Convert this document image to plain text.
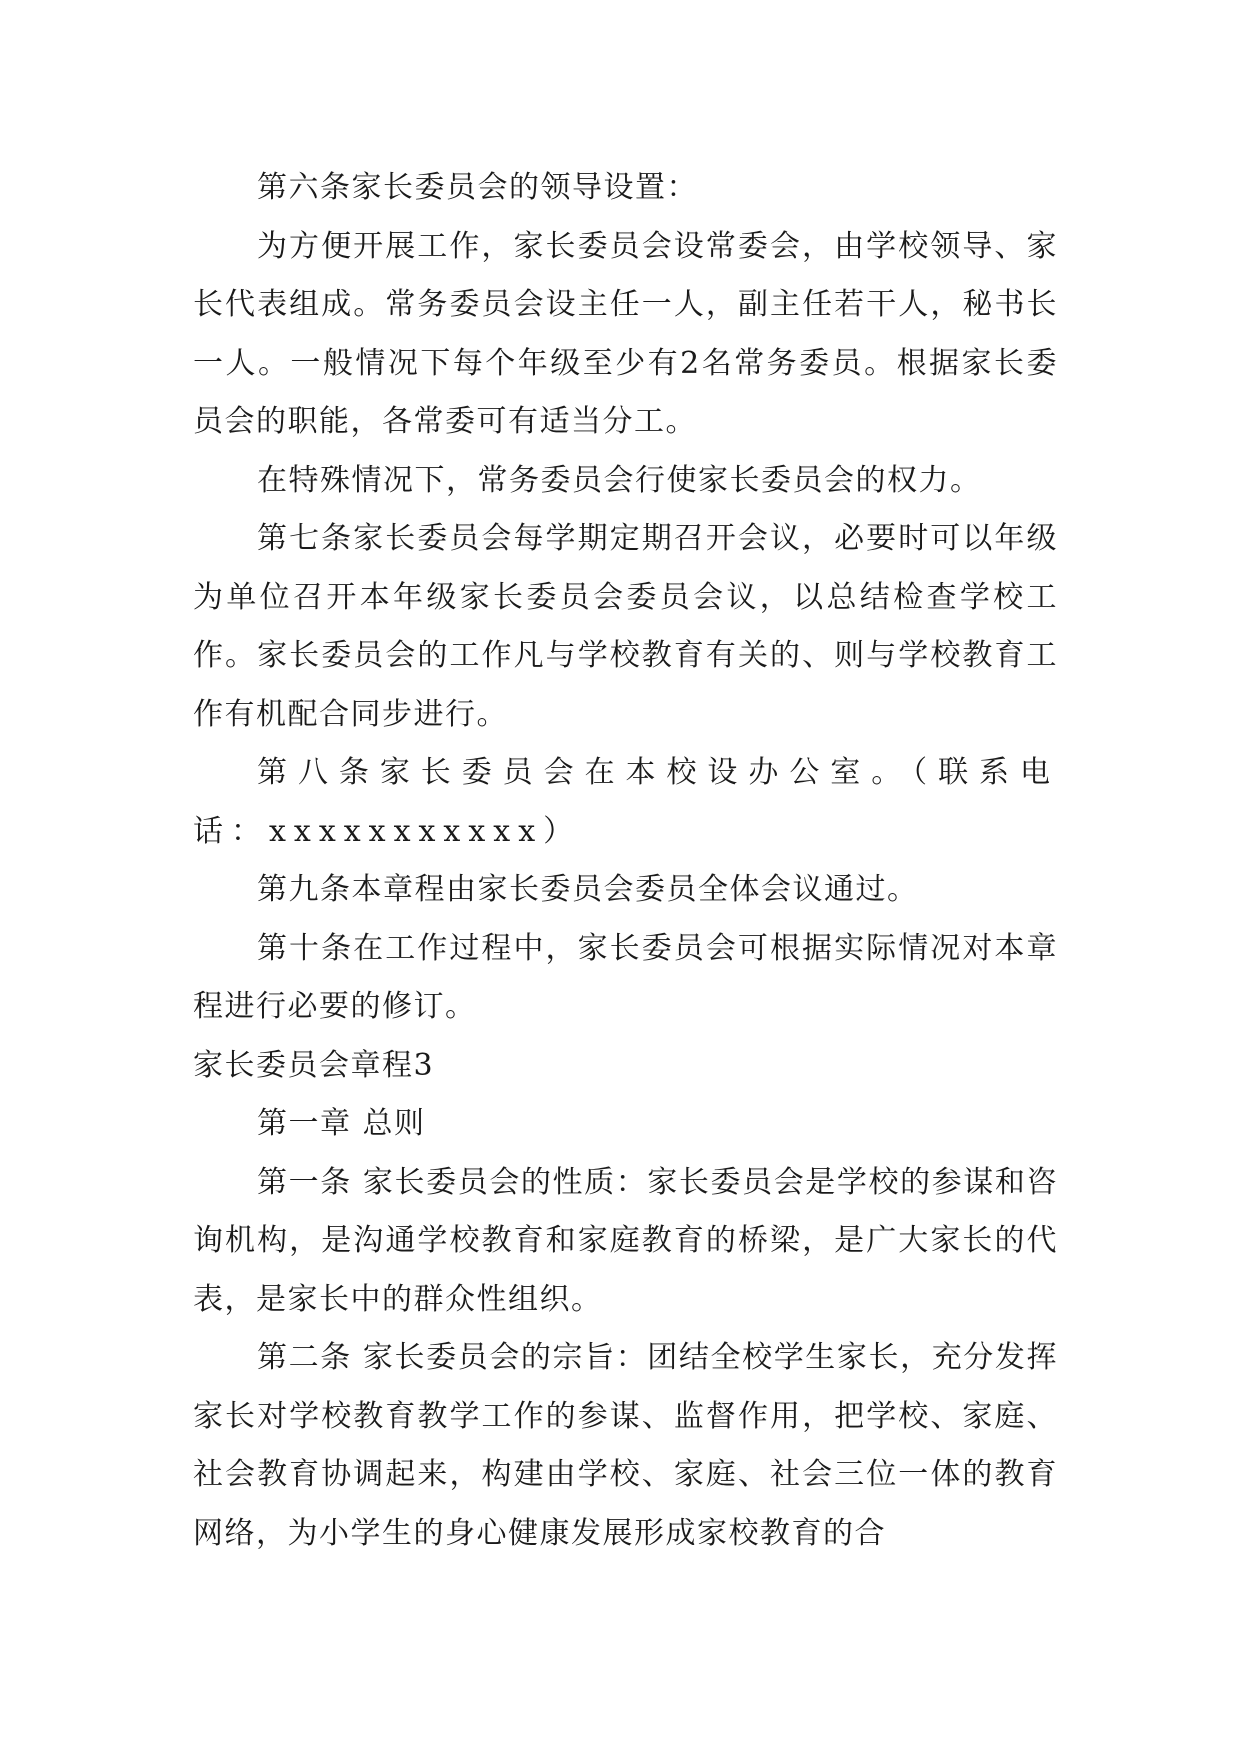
第六条家长委员会的领导设置：

为方便开展工作，家长委员会设常委会，由学校领导、家长代表组成。常务委员会设主任一人，副主任若干人，秘书长一人。一般情况下每个年级至少有2名常务委员。根据家长委员会的职能，各常委可有适当分工。

在特殊情况下，常务委员会行使家长委员会的权力。

第七条家长委员会每学期定期召开会议，必要时可以年级为单位召开本年级家长委员会委员会议，以总结检查学校工作。家长委员会的工作凡与学校教育有关的、则与学校教育工作有机配合同步进行。

第八条家长委员会在本校设办公室。（联系电话：xxxxxxxxxxx）

第九条本章程由家长委员会委员全体会议通过。

第十条在工作过程中，家长委员会可根据实际情况对本章程进行必要的修订。

家长委员会章程3

第一章 总则

第一条 家长委员会的性质：家长委员会是学校的参谋和咨询机构，是沟通学校教育和家庭教育的桥梁，是广大家长的代表，是家长中的群众性组织。

第二条 家长委员会的宗旨：团结全校学生家长，充分发挥家长对学校教育教学工作的参谋、监督作用，把学校、家庭、社会教育协调起来，构建由学校、家庭、社会三位一体的教育网络，为小学生的身心健康发展形成家校教育的合
